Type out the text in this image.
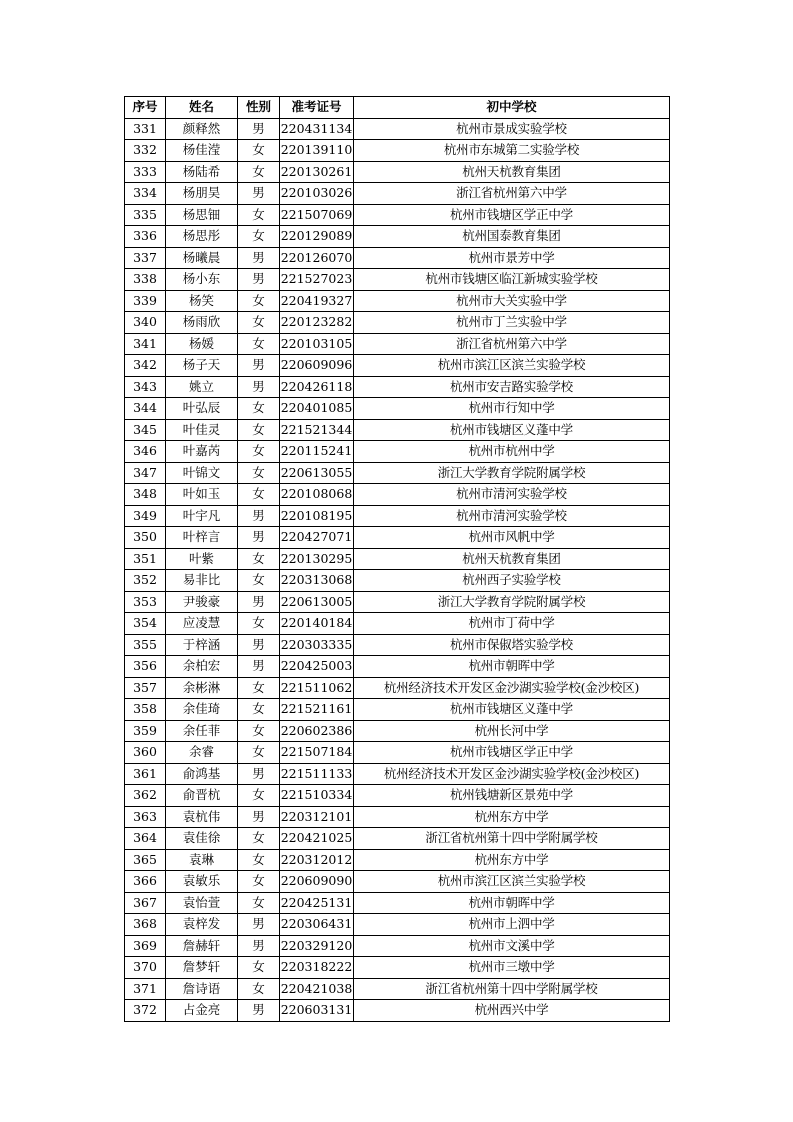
序号	姓名	性别	准考证号	初中学校
331	颜释然	男	220431134	杭州市景成实验学校
332	杨佳滢	女	220139110	杭州市东城第二实验学校
333	杨陆希	女	220130261	杭州天杭教育集团
334	杨朋昊	男	220103026	浙江省杭州第六中学
335	杨思钿	女	221507069	杭州市钱塘区学正中学
336	杨思彤	女	220129089	杭州国泰教育集团
337	杨曦晨	男	220126070	杭州市景芳中学
338	杨小东	男	221527023	杭州市钱塘区临江新城实验学校
339	杨笑	女	220419327	杭州市大关实验中学
340	杨雨欣	女	220123282	杭州市丁兰实验中学
341	杨媛	女	220103105	浙江省杭州第六中学
342	杨子天	男	220609096	杭州市滨江区滨兰实验学校
343	姚立	男	220426118	杭州市安吉路实验学校
344	叶弘辰	女	220401085	杭州市行知中学
345	叶佳灵	女	221521344	杭州市钱塘区义蓬中学
346	叶嘉芮	女	220115241	杭州市杭州中学
347	叶锦文	女	220613055	浙江大学教育学院附属学校
348	叶如玉	女	220108068	杭州市清河实验学校
349	叶宇凡	男	220108195	杭州市清河实验学校
350	叶梓言	男	220427071	杭州市风帆中学
351	叶紫	女	220130295	杭州天杭教育集团
352	易非比	女	220313068	杭州西子实验学校
353	尹骏豪	男	220613005	浙江大学教育学院附属学校
354	应凌慧	女	220140184	杭州市丁荷中学
355	于梓涵	男	220303335	杭州市保俶塔实验学校
356	余柏宏	男	220425003	杭州市朝晖中学
357	余彬淋	女	221511062	杭州经济技术开发区金沙湖实验学校(金沙校区)
358	余佳琦	女	221521161	杭州市钱塘区义蓬中学
359	余任菲	女	220602386	杭州长河中学
360	余睿	女	221507184	杭州市钱塘区学正中学
361	俞鸿基	男	221511133	杭州经济技术开发区金沙湖实验学校(金沙校区)
362	俞晋杭	女	221510334	杭州钱塘新区景苑中学
363	袁杭伟	男	220312101	杭州东方中学
364	袁佳徐	女	220421025	浙江省杭州第十四中学附属学校
365	袁琳	女	220312012	杭州东方中学
366	袁敏乐	女	220609090	杭州市滨江区滨兰实验学校
367	袁怡萱	女	220425131	杭州市朝晖中学
368	袁梓发	男	220306431	杭州市上泗中学
369	詹赫轩	男	220329120	杭州市文溪中学
370	詹梦轩	女	220318222	杭州市三墩中学
371	詹诗语	女	220421038	浙江省杭州第十四中学附属学校
372	占金亮	男	220603131	杭州西兴中学
